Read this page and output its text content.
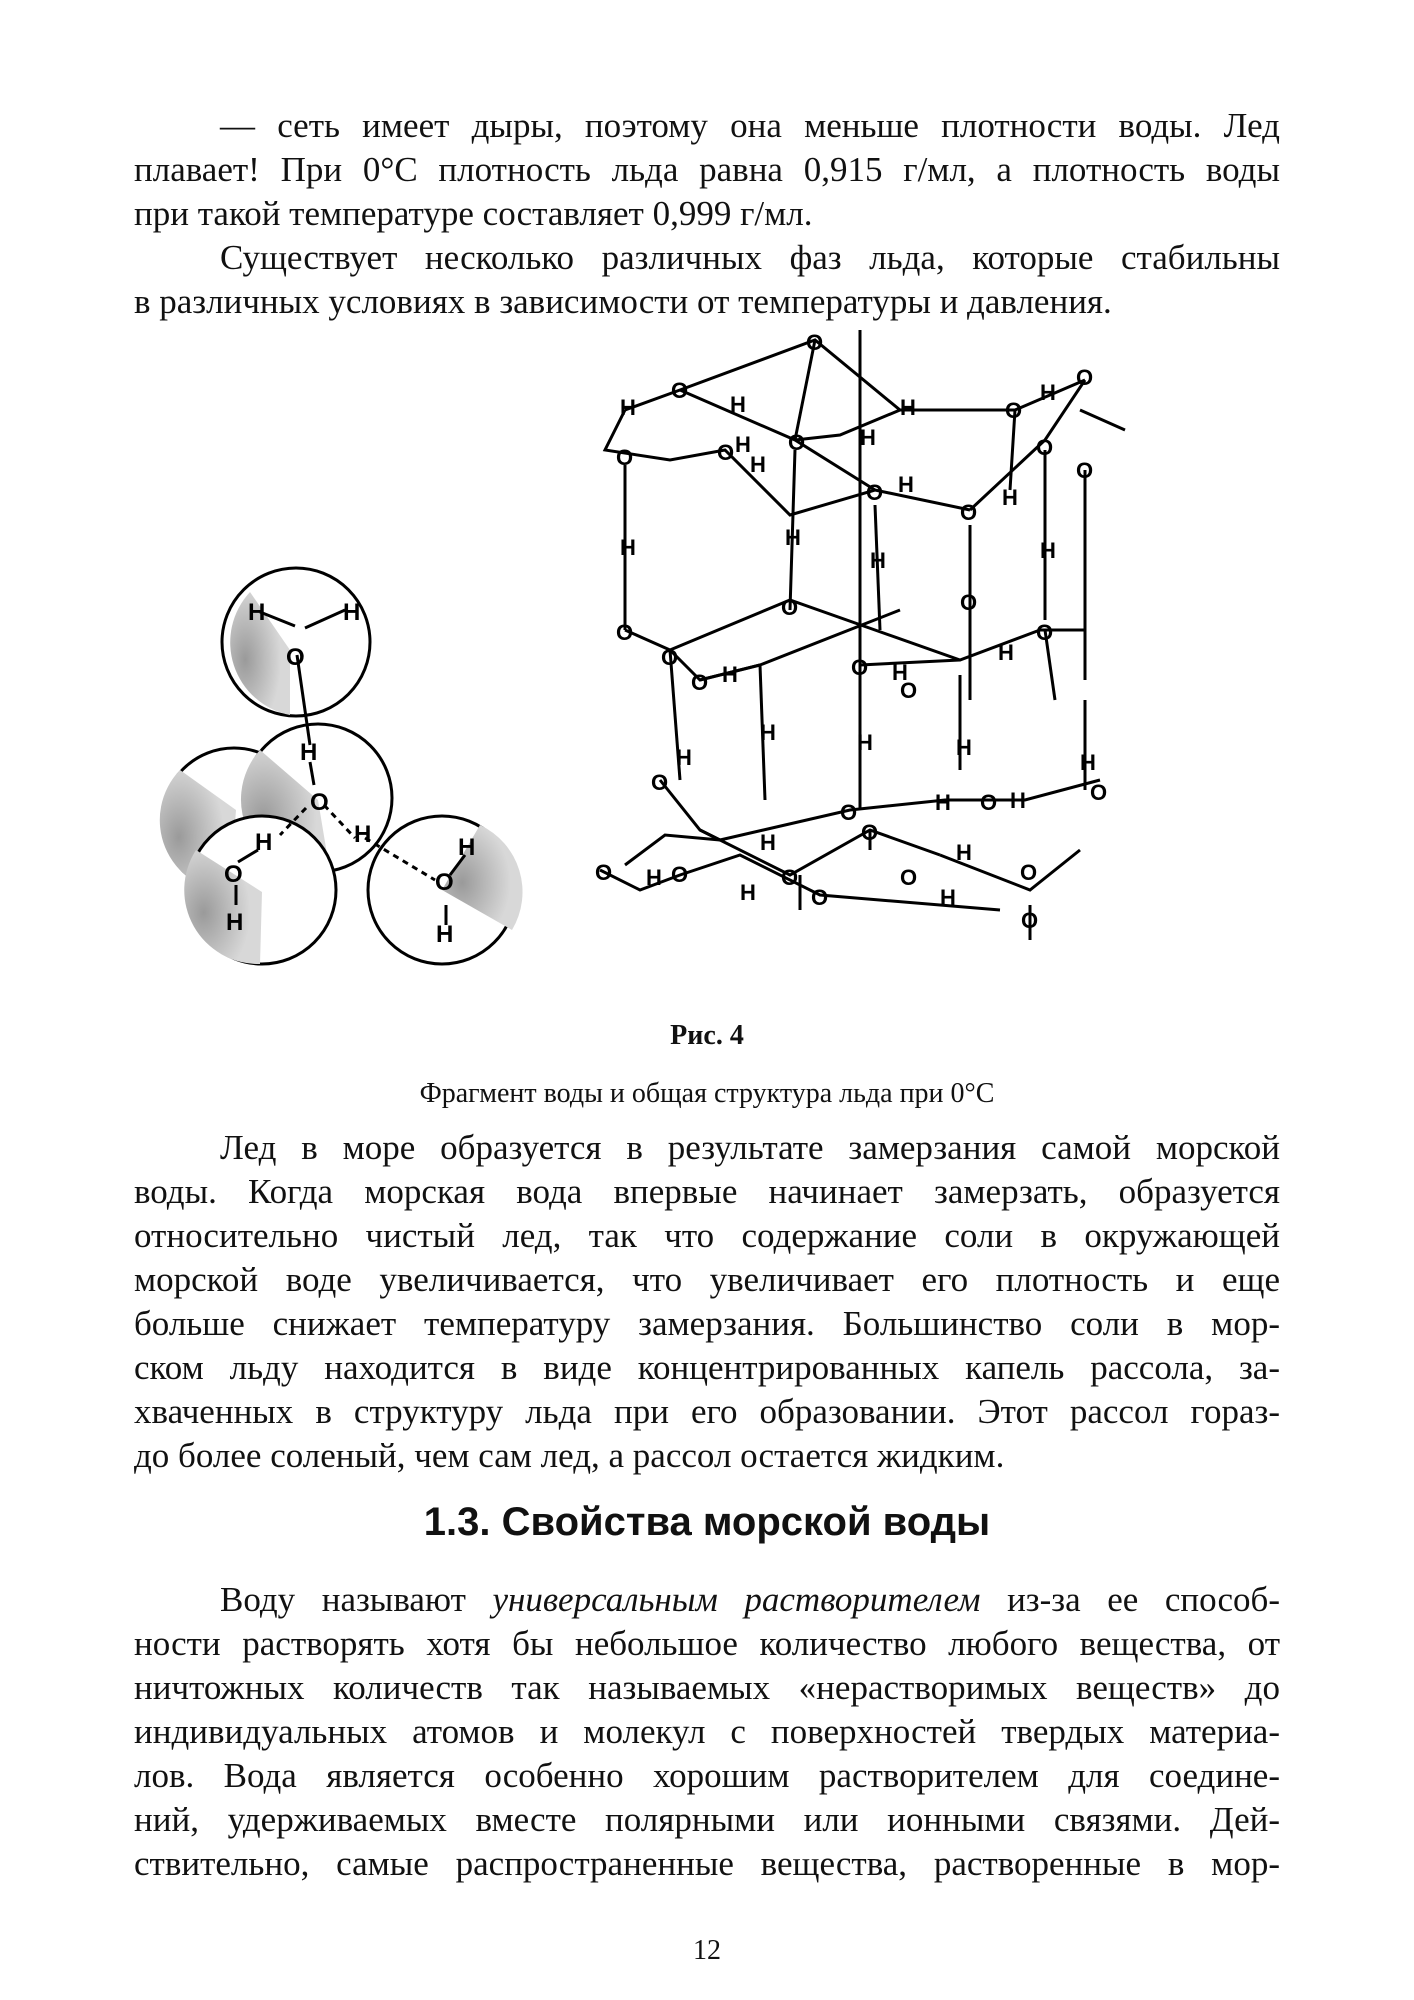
— сеть имеет дыры, поэтому она меньше плотности воды. Лед
плавает! При 0°С плотность льда равна 0,915 г/мл, а плотность воды
при такой температуре составляет 0,999 г/мл.
Существует несколько различных фаз льда, которые стабильны
в различных условиях в зависимости от температуры и давления.
H	H
O
H
O
H	H
O
H
O
H
H
O
O
H	H	O
H
O
H
O H
H
O	O H
O H
O
H
O
O
H	H
H	H
O
O	O
O	O H
H
O
O H
O
H
H	H	H
H
O
O	H O H	O
O
H
O
H
O
H O
O
O
O
H
O
H
Рис. 4
Фрагмент воды и общая структура льда при 0°С
Лед в море образуется в результате замерзания самой морской
воды. Когда морская вода впервые начинает замерзать, образуется
относительно чистый лед, так что содержание соли в окружающей
морской воде увеличивается, что увеличивает его плотность и еще
больше снижает температуру замерзания. Большинство соли в мор-
ском льду находится в виде концентрированных капель рассола, за-
хваченных в структуру льда при его образовании. Этот рассол гораз-
до более соленый, чем сам лед, а рассол остается жидким.
1.3. Свойства морской воды
Воду называют универсальным растворителем из-за ее способ-
ности растворять хотя бы небольшое количество любого вещества, от
ничтожных количеств так называемых «нерастворимых веществ» до
индивидуальных атомов и молекул с поверхностей твердых материа-
лов. Вода является особенно хорошим растворителем для соедине-
ний, удерживаемых вместе полярными или ионными связями. Дей-
ствительно, самые распространенные вещества, растворенные в мор-
12
